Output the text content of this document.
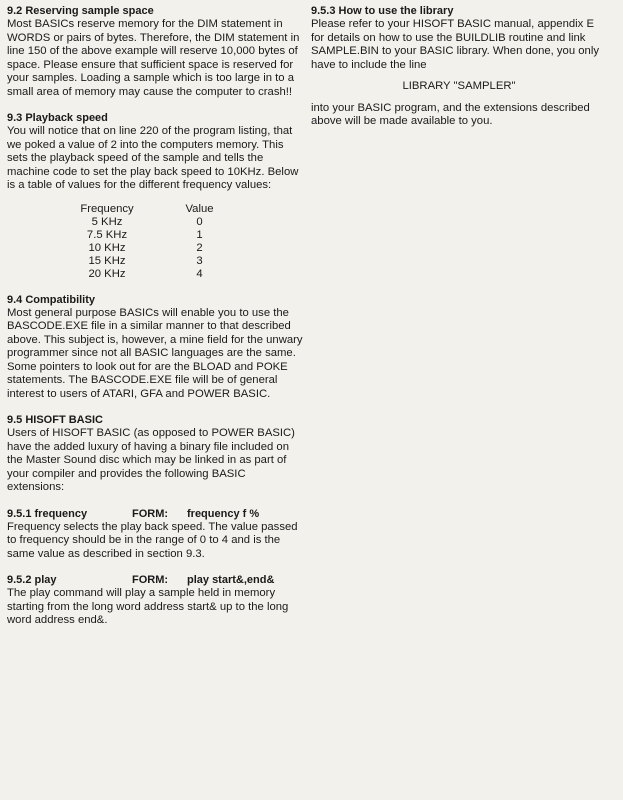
9.2 Reserving sample space

Most BASICs reserve memory for the DIM statement in WORDS or pairs of bytes. Therefore, the DIM statement in line 150 of the above example will reserve 10,000 bytes of space. Please ensure that sufficient space is reserved for your samples. Loading a sample which is too large in to a small area of memory may cause the computer to crash!!

9.3 Playback speed

You will notice that on line 220 of the program listing, that we poked a value of 2 into the computers memory. This sets the playback speed of the sample and tells the machine code to set the play back speed to 10KHz. Below is a table of values for the different frequency values:

Frequency	Value
5 KHz	0
7.5 KHz	1
10 KHz	2
15 KHz	3
20 KHz	4
9.4 Compatibility

Most general purpose BASICs will enable you to use the BASCODE.EXE file in a similar manner to that described above. This subject is, however, a mine field for the unwary programmer since not all BASIC languages are the same. Some pointers to look out for are the BLOAD and POKE statements. The BASCODE.EXE file will be of general interest to users of ATARI, GFA and POWER BASIC.

9.5 HISOFT BASIC

Users of HISOFT BASIC (as opposed to POWER BASIC) have the added luxury of having a binary file included on the Master Sound disc which may be linked in as part of your compiler and provides the following BASIC extensions:

9.5.1 frequency	FORM:	frequency f %

Frequency selects the play back speed. The value passed to frequency should be in the range of 0 to 4 and is the same value as described in section 9.3.

9.5.2 play	FORM:	play start&,end&

The play command will play a sample held in memory starting from the long word address start& up to the long word address end&.

9.5.3 How to use the library

Please refer to your HISOFT BASIC manual, appendix E for details on how to use the BUILDLIB routine and link SAMPLE.BIN to your BASIC library. When done, you only have to include the line

LIBRARY "SAMPLER"

into your BASIC program, and the extensions described above will be made available to you.
